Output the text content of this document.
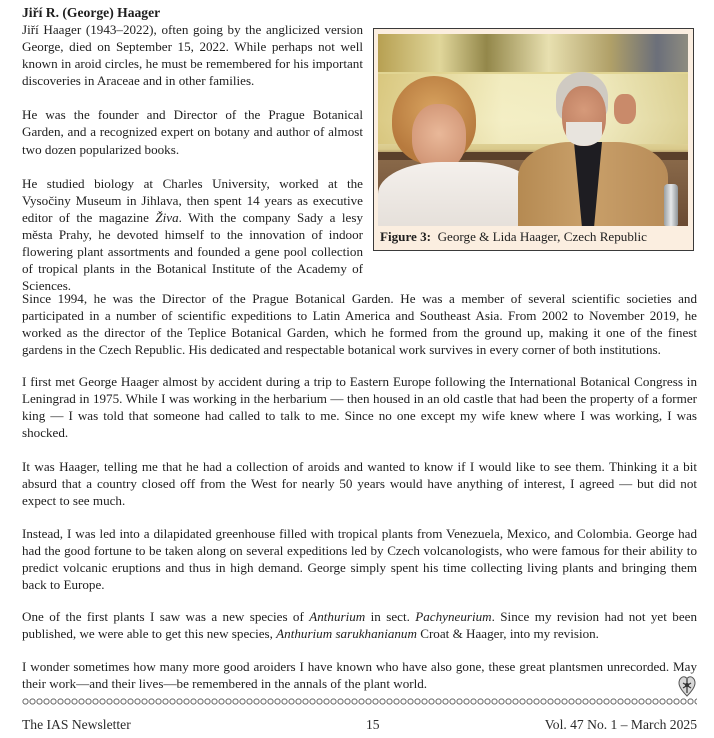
Jiří R. (George) Haager

Jiří Haager (1943–2022), often going by the anglicized version George, died on September 15, 2022. While perhaps not well known in aroid circles, he must be remembered for his important discoveries in Araceae and in other families.

He was the founder and Director of the Prague Botanical Garden, and a recognized expert on botany and author of almost two dozen popularized books.

He studied biology at Charles University, worked at the Vysočiny Museum in Jihlava, then spent 14 years as executive editor of the magazine Živa. With the company Sady a lesy města Prahy, he devoted himself to the innovation of indoor flowering plant assortments and founded a gene pool collection of tropical plants in the Botanical Institute of the Academy of Sciences.

Figure 3: George & Lida Haager, Czech Republic

Since 1994, he was the Director of the Prague Botanical Garden. He was a member of several scientific societies and participated in a number of scientific expeditions to Latin America and Southeast Asia. From 2002 to November 2019, he worked as the director of the Teplice Botanical Garden, which he formed from the ground up, making it one of the finest gardens in the Czech Republic. His dedicated and respectable botanical work survives in every corner of both institutions.

I first met George Haager almost by accident during a trip to Eastern Europe following the International Botanical Congress in Leningrad in 1975. While I was working in the herbarium — then housed in an old castle that had been the property of a former king — I was told that someone had called to talk to me. Since no one except my wife knew where I was working, I was shocked.

It was Haager, telling me that he had a collection of aroids and wanted to know if I would like to see them. Thinking it a bit absurd that a country closed off from the West for nearly 50 years would have anything of interest, I agreed — but did not expect to see much.

Instead, I was led into a dilapidated greenhouse filled with tropical plants from Venezuela, Mexico, and Colombia. George had had the good fortune to be taken along on several expeditions led by Czech volcanologists, who were famous for their ability to predict volcanic eruptions and thus in high demand. George simply spent his time collecting living plants and bringing them back to Europe.

One of the first plants I saw was a new species of Anthurium in sect. Pachyneurium. Since my revision had not yet been published, we were able to get this new species, Anthurium sarukhanianum Croat & Haager, into my revision.

I wonder sometimes how many more good aroiders I have known who have also gone, these great plantsmen unrecorded. May their work—and their lives—be remembered in the annals of the plant world.

The IAS Newsletter	15	Vol. 47 No. 1 – March 2025
